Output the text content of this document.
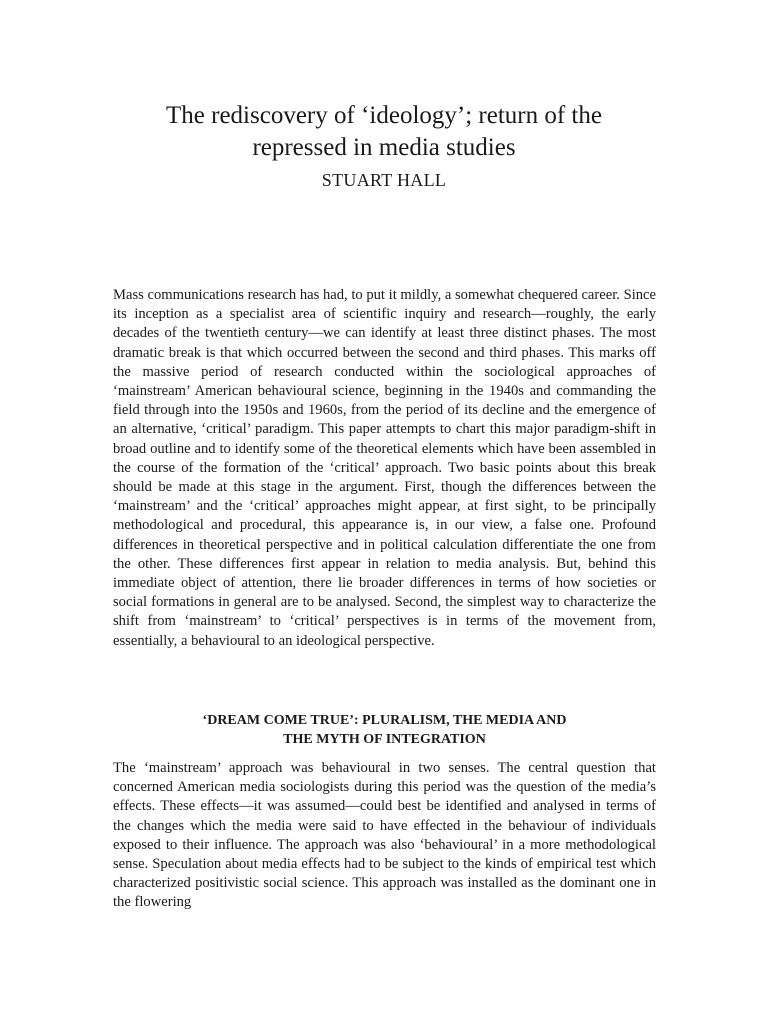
The rediscovery of ‘ideology’; return of the
repressed in media studies

STUART HALL

Mass communications research has had, to put it mildly, a somewhat chequered career. Since its inception as a specialist area of scientific inquiry and research—roughly, the early decades of the twentieth century—we can identify at least three distinct phases. The most dramatic break is that which occurred between the second and third phases. This marks off the massive period of research conducted within the sociological approaches of ‘mainstream’ American behavioural science, beginning in the 1940s and commanding the field through into the 1950s and 1960s, from the period of its decline and the emergence of an alternative, ‘critical’ paradigm. This paper attempts to chart this major paradigm-shift in broad outline and to identify some of the theoretical elements which have been assembled in the course of the formation of the ‘critical’ approach. Two basic points about this break should be made at this stage in the argument. First, though the differences between the ‘mainstream’ and the ‘critical’ approaches might appear, at first sight, to be principally methodological and procedural, this appearance is, in our view, a false one. Profound differences in theoretical perspective and in political calculation differentiate the one from the other. These differences first appear in relation to media analysis. But, behind this immediate object of attention, there lie broader differences in terms of how societies or social formations in general are to be analysed. Second, the simplest way to characterize the shift from ‘mainstream’ to ‘critical’ perspectives is in terms of the movement from, essentially, a behavioural to an ideological perspective.

‘DREAM COME TRUE’: PLURALISM, THE MEDIA AND
THE MYTH OF INTEGRATION

The ‘mainstream’ approach was behavioural in two senses. The central question that concerned American media sociologists during this period was the question of the media’s effects. These effects—it was assumed—could best be identified and analysed in terms of the changes which the media were said to have effected in the behaviour of individuals exposed to their influence. The approach was also ‘behavioural’ in a more methodological sense. Speculation about media effects had to be subject to the kinds of empirical test which characterized positivistic social science. This approach was installed as the dominant one in the flowering
